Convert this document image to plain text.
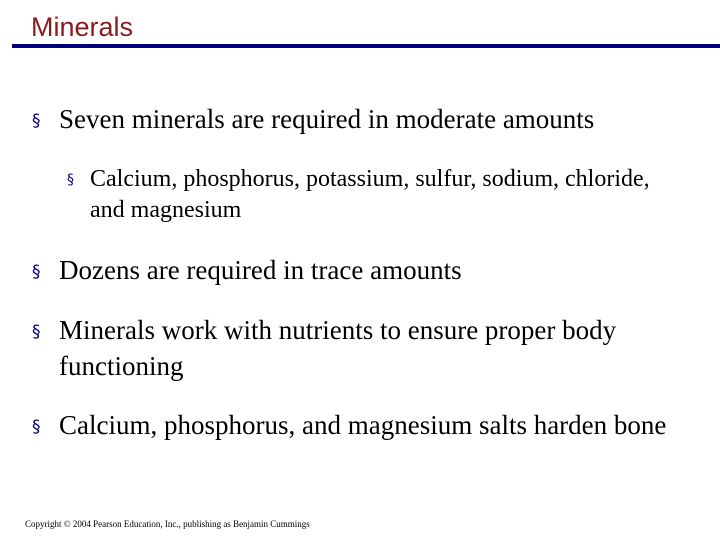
Minerals
§ Seven minerals are required in moderate amounts
§ Calcium, phosphorus, potassium, sulfur, sodium, chloride, and magnesium
§ Dozens are required in trace amounts
§ Minerals work with nutrients to ensure proper body functioning
§ Calcium, phosphorus, and magnesium salts harden bone
Copyright © 2004 Pearson Education, Inc., publishing as Benjamin Cummings
